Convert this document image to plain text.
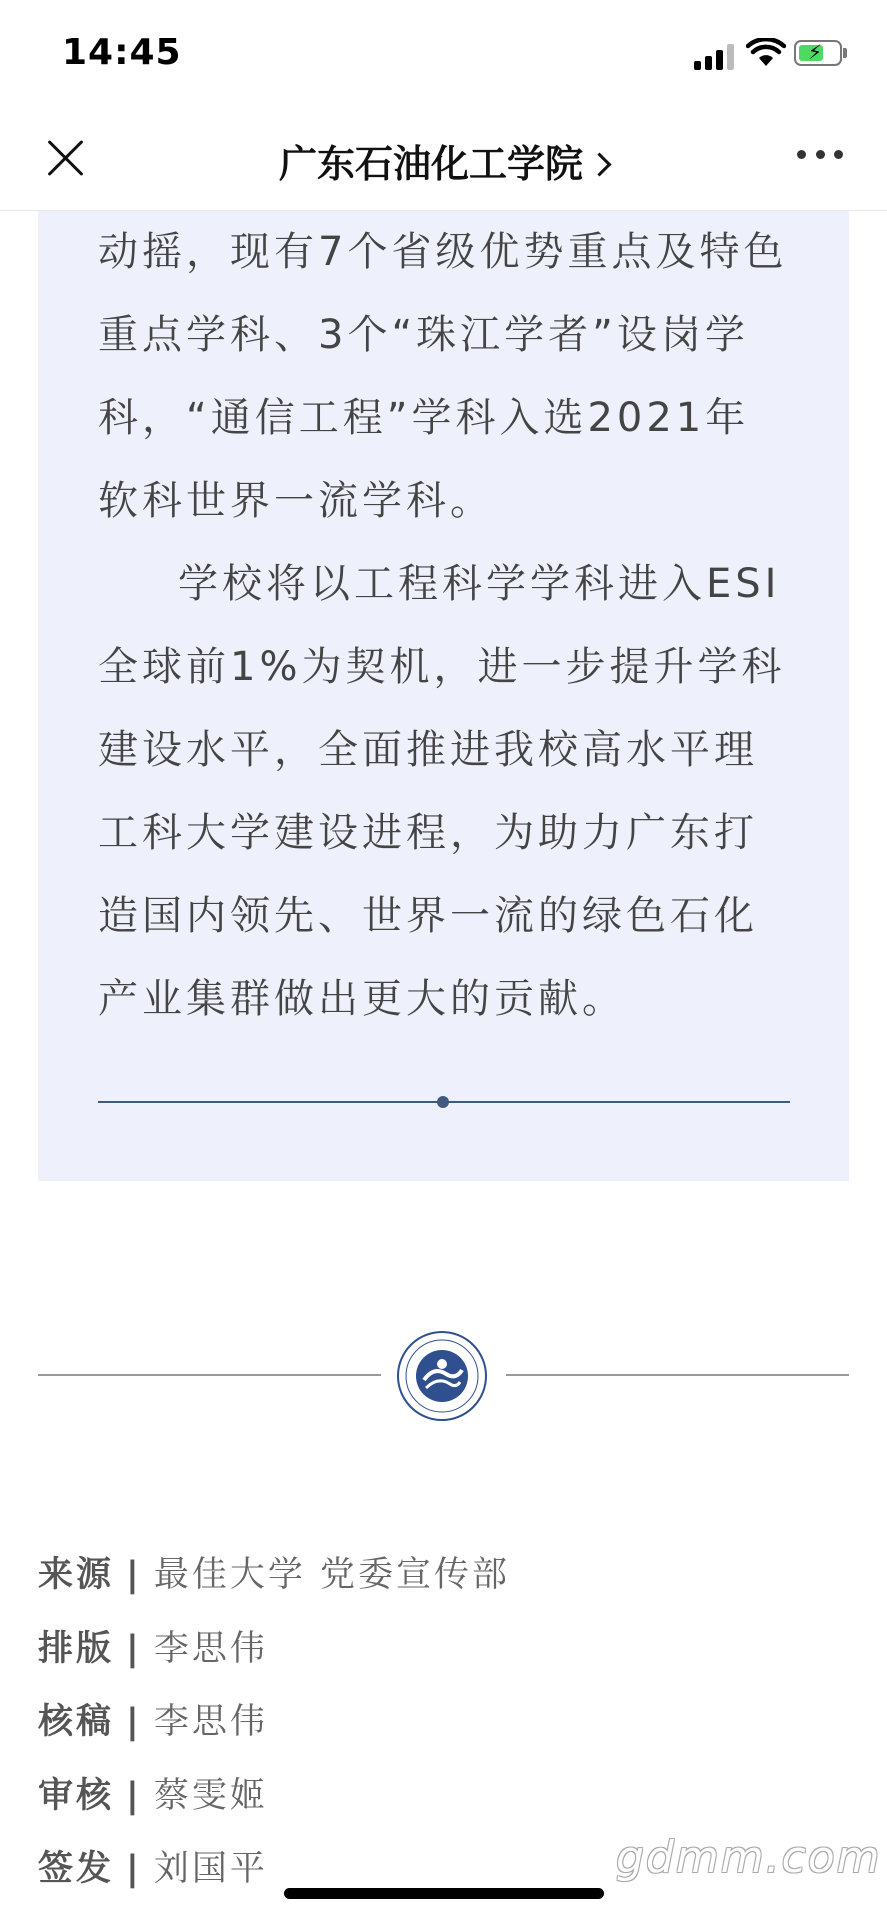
14:45	⚡
广东石油化工学院

动摇，现有7个省级优势重点及特色重点学科、3个“珠江学者”设岗学科，“通信工程”学科入选2021年软科世界一流学科。

学校将以工程科学学科进入ESI全球前1%为契机，进一步提升学科建设水平，全面推进我校高水平理工科大学建设进程，为助力广东打造国内领先、世界一流的绿色石化产业集群做出更大的贡献。

来源 | 最佳大学 党委宣传部
排版 | 李思伟
核稿 | 李思伟
审核 | 蔡雯姬
签发 | 刘国平	gdmm.com
